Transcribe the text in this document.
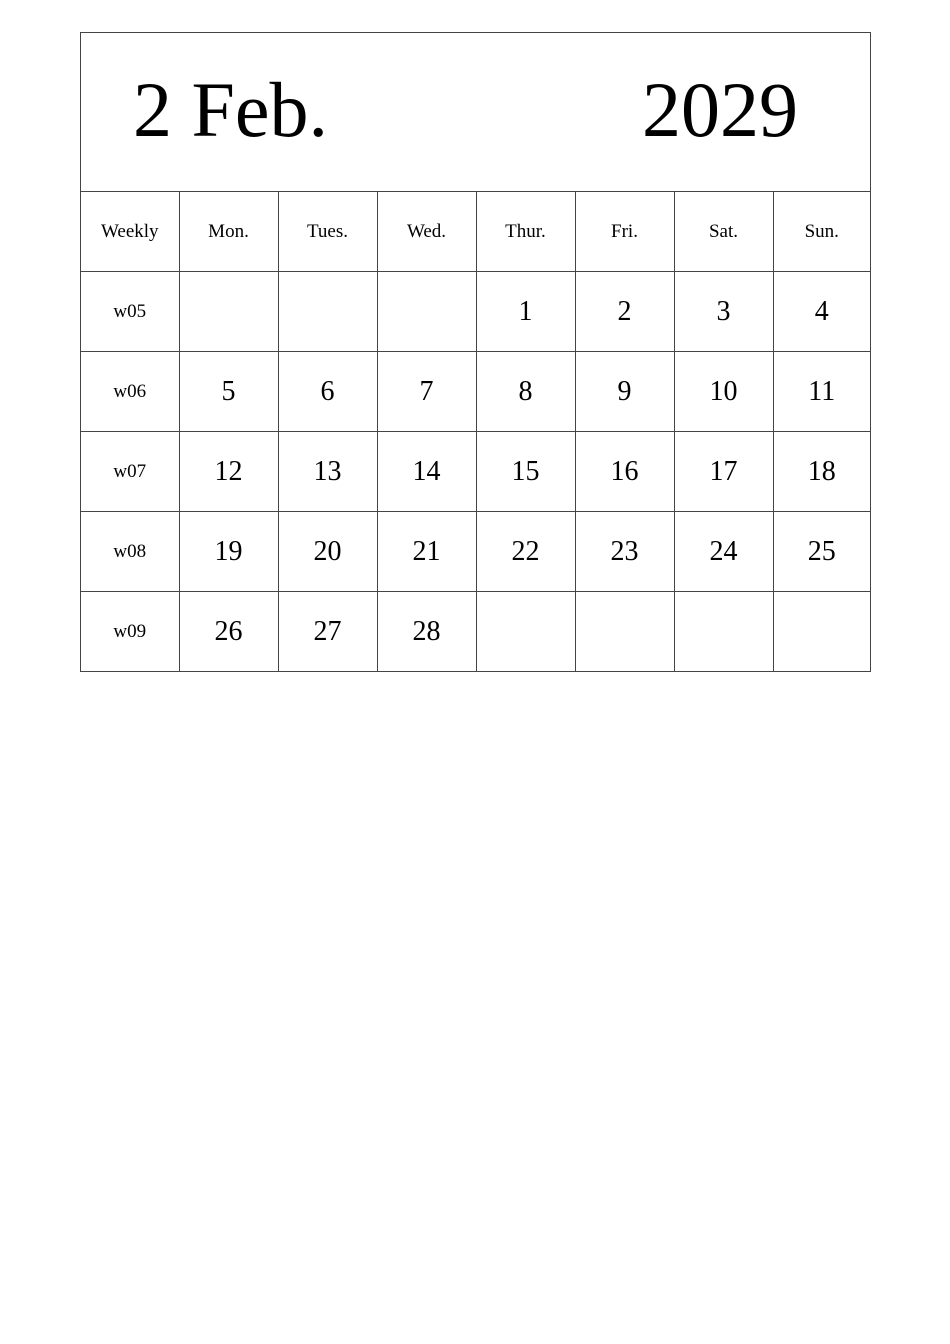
2 Feb.	2029
Weekly	Mon.	Tues.	Wed.	Thur.	Fri.	Sat.	Sun.
w05				1	2	3	4
w06	5	6	7	8	9	10	11
w07	12	13	14	15	16	17	18
w08	19	20	21	22	23	24	25
w09	26	27	28				
